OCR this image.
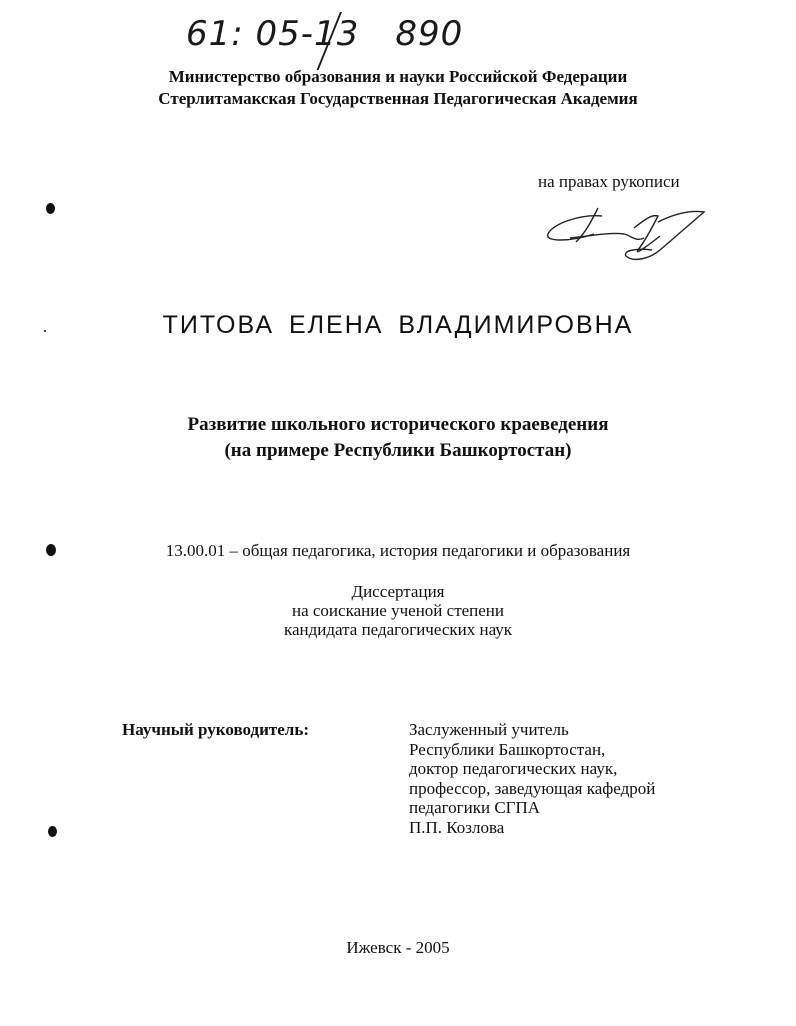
61: 05-13 890
Министерство образования и науки Российской Федерации
Стерлитамакская Государственная Педагогическая Академия
на правах рукописи
ТИТОВА ЕЛЕНА ВЛАДИМИРОВНА
Развитие школьного исторического краеведения
(на примере Республики Башкортостан)
13.00.01 – общая педагогика, история педагогики и образования
Диссертация
на соискание ученой степени
кандидата педагогических наук
Научный руководитель:	Заслуженный учитель
Республики Башкортостан,
доктор педагогических наук,
профессор, заведующая кафедрой
педагогики СГПА
П.П. Козлова
Ижевск - 2005
